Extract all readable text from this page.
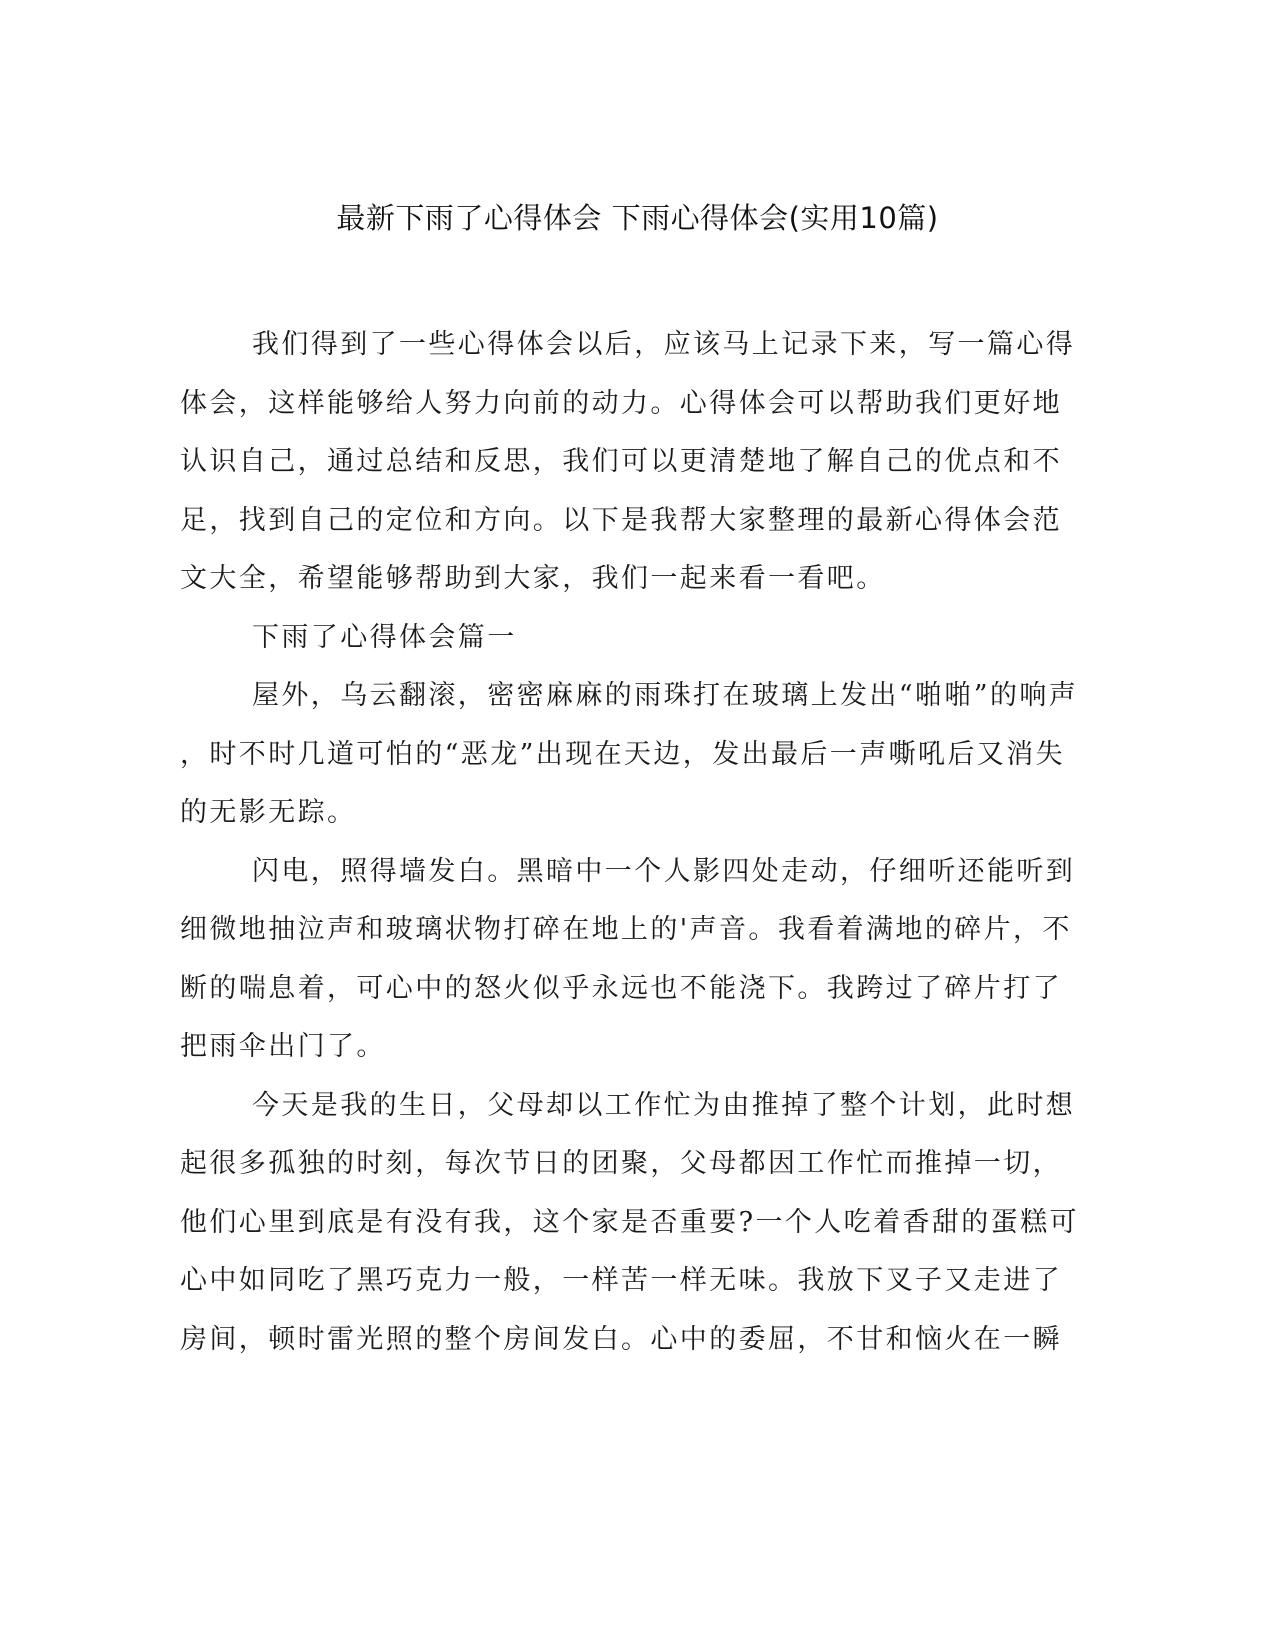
最新下雨了心得体会 下雨心得体会(实用10篇)
我们得到了一些心得体会以后，应该马上记录下来，写一篇心得
体会，这样能够给人努力向前的动力。心得体会可以帮助我们更好地
认识自己，通过总结和反思，我们可以更清楚地了解自己的优点和不
足，找到自己的定位和方向。以下是我帮大家整理的最新心得体会范
文大全，希望能够帮助到大家，我们一起来看一看吧。
下雨了心得体会篇一
屋外，乌云翻滚，密密麻麻的雨珠打在玻璃上发出“啪啪”的响声
，时不时几道可怕的“恶龙”出现在天边，发出最后一声嘶吼后又消失
的无影无踪。
闪电，照得墙发白。黑暗中一个人影四处走动，仔细听还能听到
细微地抽泣声和玻璃状物打碎在地上的'声音。我看着满地的碎片，不
断的喘息着，可心中的怒火似乎永远也不能浇下。我跨过了碎片打了
把雨伞出门了。
今天是我的生日，父母却以工作忙为由推掉了整个计划，此时想
起很多孤独的时刻，每次节日的团聚，父母都因工作忙而推掉一切，
他们心里到底是有没有我，这个家是否重要?一个人吃着香甜的蛋糕可
心中如同吃了黑巧克力一般，一样苦一样无味。我放下叉子又走进了
房间，顿时雷光照的整个房间发白。心中的委屈，不甘和恼火在一瞬
